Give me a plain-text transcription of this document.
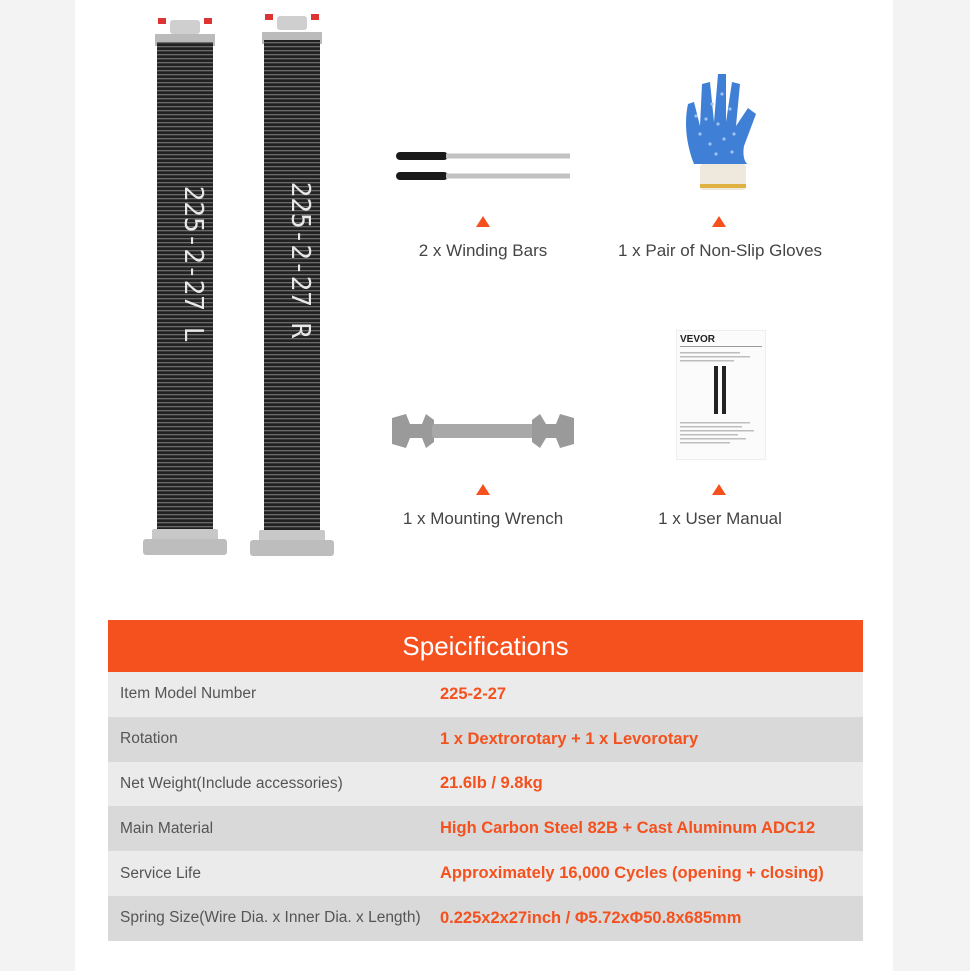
225-2-27 L	225-2-27 R	2 x Winding Bars	1 x Pair of Non-Slip Gloves
VEVOR
1 x Mounting Wrench	1 x User Manual
Speicifications
Item Model Number	225-2-27
Rotation	1 x Dextrorotary + 1 x Levorotary
Net Weight(Include accessories)	21.6lb / 9.8kg
Main Material	High Carbon Steel 82B + Cast Aluminum ADC12
Service Life	Approximately 16,000 Cycles (opening + closing)
Spring Size(Wire Dia. x Inner Dia. x Length)	0.225x2x27inch / Φ5.72xΦ50.8x685mm
